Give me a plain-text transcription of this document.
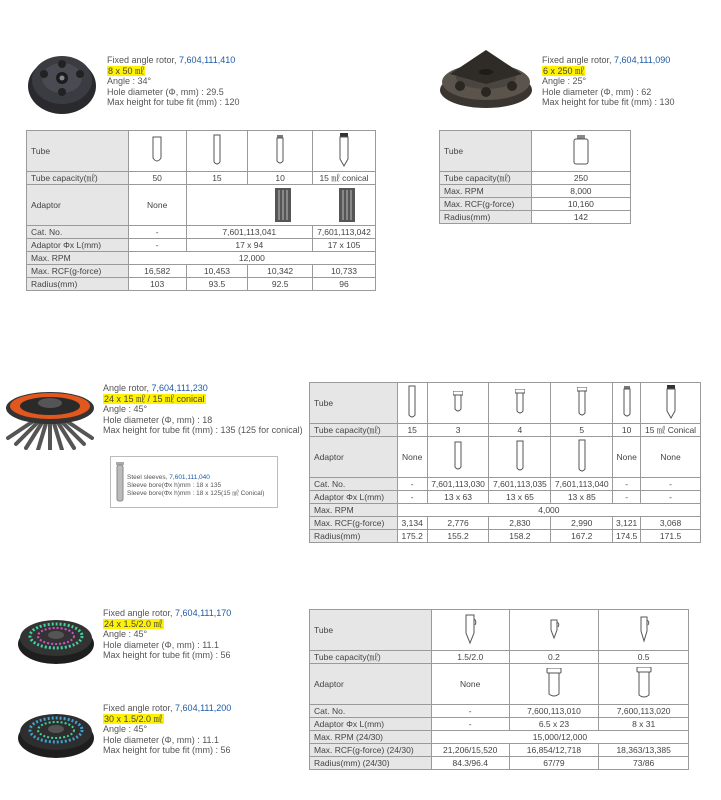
Fixed angle rotor, 7,604,111,410
8 x 50 ㎖
Angle : 34°
Hole diameter (Φ, mm) : 29.5
Max height for tube fit (mm) : 120
Fixed angle rotor, 7,604,111,090
6 x 250 ㎖
Angle : 25°
Hole diameter (Φ, mm) : 62
Max height for tube fit (mm) : 130
Tube				
Tube capacity(㎖)	50	15	10	15 ㎖ conical
Adaptor	None	

Cat. No.	-	7,601,113,041		7,601,113,042
Adaptor Φx L(mm)	-	17 x 94		17 x 105
Max. RPM	12,000			
Max. RCF(g-force)	16,582	10,453	10,342	10,733
Radius(mm)	103	93.5	92.5	96
Tube	
Tube capacity(㎖)	250
Max. RPM	8,000
Max. RCF(g-force)	10,160
Radius(mm)	142
Angle rotor, 7,604,111,230
24 x 15 ㎖ / 15 ㎖ conical
Angle : 45°
Hole diameter (Φ, mm) : 18
Max height for tube fit (mm) : 135 (125 for conical)
Steel sleeves, 7,601,111,040
Sleeve bore(Φx h)mm : 18 x 135
Sleeve bore(Φx h)mm : 18 x 125(15 ㎖ Conical)
Tube						
Tube capacity(㎖)	15	3	4	5	10	15 ㎖ Conical
Adaptor	None				None	None
Cat. No.	-	7,601,113,030	7,601,113,035	7,601,113,040	-	-
Adaptor Φx L(mm)	-	13 x 63	13 x 65	13 x 85	-	-
Max. RPM	4,000					
Max. RCF(g-force)	3,134	2,776	2,830	2,990	3,121	3,068
Radius(mm)	175.2	155.2	158.2	167.2	174.5	171.5
Fixed angle rotor, 7,604,111,170
24 x 1.5/2.0 ㎖
Angle : 45°
Hole diameter (Φ, mm) : 11.1
Max height for tube fit (mm) : 56
Fixed angle rotor, 7,604,111,200
30 x 1.5/2.0 ㎖
Angle : 45°
Hole diameter (Φ, mm) : 11.1
Max height for tube fit (mm) : 56
Tube			
Tube capacity(㎖)	1.5/2.0	0.2	0.5
Adaptor	None		
Cat. No.	-	7,600,113,010	7,600,113,020
Adaptor Φx L(mm)	-	6.5 x 23	8 x 31
Max. RPM (24/30)	15,000/12,000		
Max. RCF(g-force) (24/30)	21,206/15,520	16,854/12,718	18,363/13,385
Radius(mm) (24/30)	84.3/96.4	67/79	73/86
